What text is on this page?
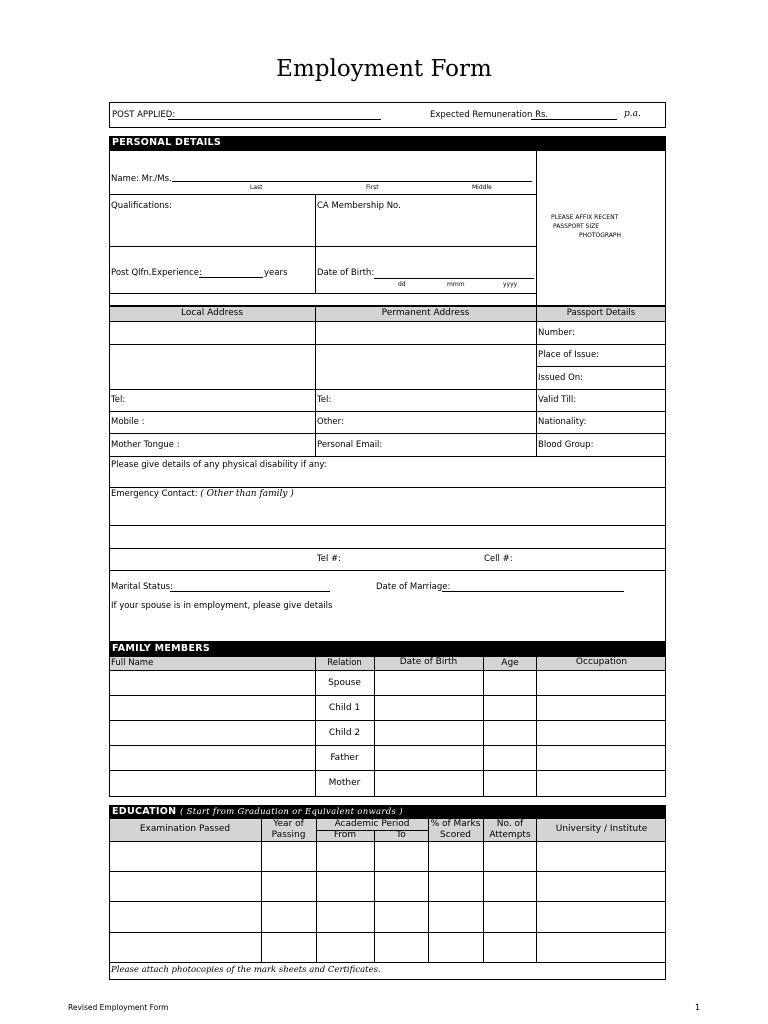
Employment Form
POST APPLIED:	Expected Remuneration Rs.	p.a.
PERSONAL DETAILS
Name: Mr./Ms.
Last	First	Middle
Qualifications:	CA Membership No.
PLEASE AFFIX RECENT
PASSPORT SIZE
PHOTOGRAPH
Post Qlfn.Experience:	years	Date of Birth:
dd	mmm	yyyy
Local Address	Permanent Address	Passport Details
Number:
Place of Issue:
Issued On:
Tel:	Tel:	Valid Till:
Mobile :	Other:	Nationality:
Mother Tongue :	Personal Email:	Blood Group:
Please give details of any physical disability if any:
Emergency Contact: ( Other than family )
Tel #:	Cell #:
Marital Status:	Date of Marriage:
If your spouse is in employment, please give details
FAMILY MEMBERS
Full Name	Relation	Date of Birth	Age	Occupation
Spouse
Child 1
Child 2
Father
Mother
EDUCATION ( Start from Graduation or Equivalent onwards )
Examination Passed	Year of
Passing
Academic Period
From	To
% of Marks
Scored
No. of
Attempts
University / Institute
Please attach photocopies of the mark sheets and Certificates.
Revised Employment Form	1
